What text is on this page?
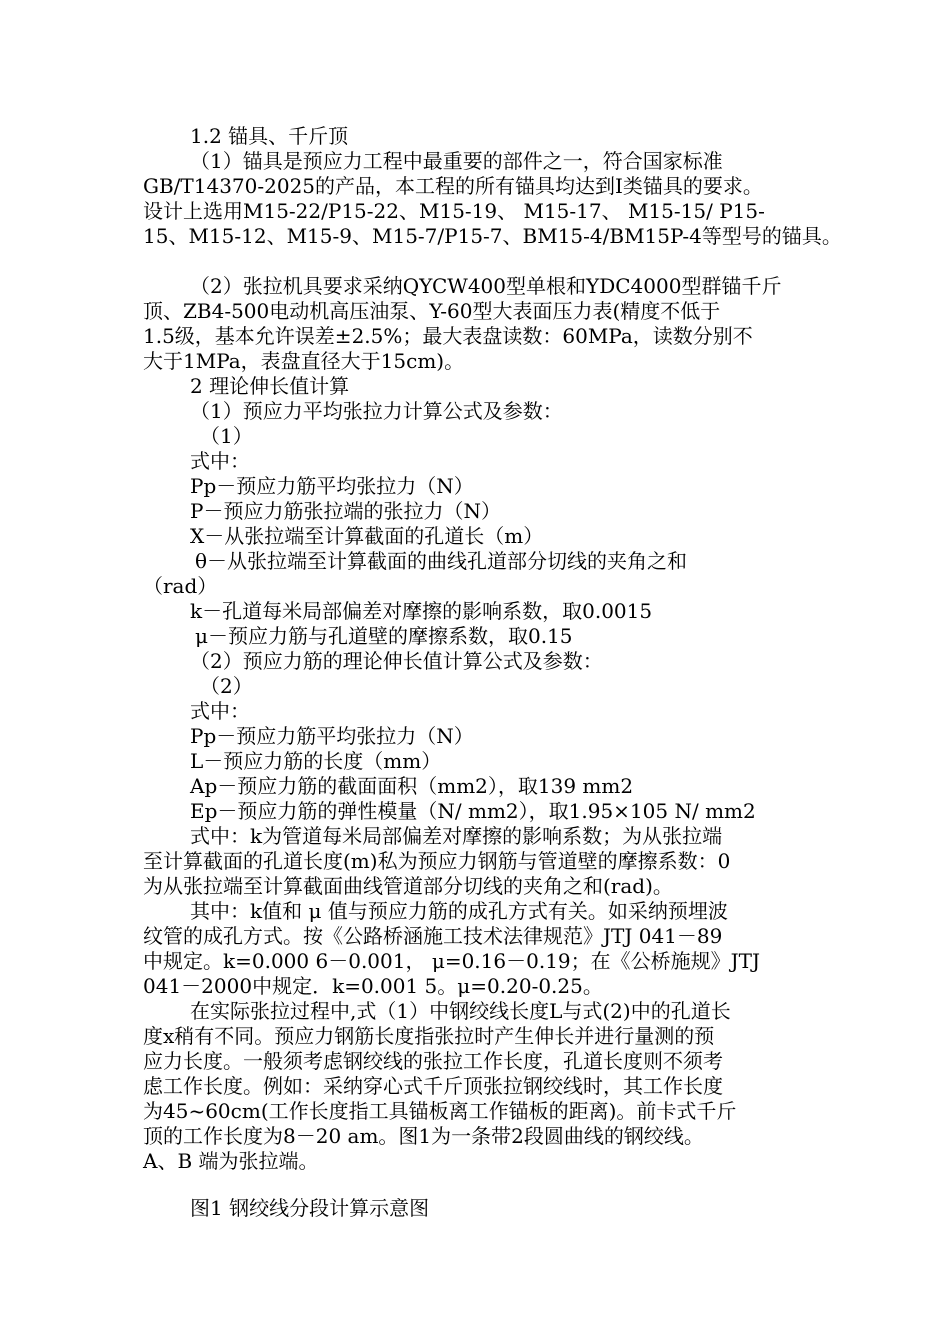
1.2 锚具、千斤顶
（1）锚具是预应力工程中最重要的部件之一，符合国家标准
GB/T14370-2025的产品，本工程的所有锚具均达到Ⅰ类锚具的要求。
设计上选用M15-22/P15-22、M15-19、 M15-17、 M15-15/ P15-
15、M15-12、M15-9、M15-7/P15-7、BM15-4/BM15P-4等型号的锚具。
（2）张拉机具要求采纳QYCW400型单根和YDC4000型群锚千斤
顶、ZB4-500电动机高压油泵、Y-60型大表面压力表(精度不低于
1.5级，基本允许误差±2.5%；最大表盘读数：60MPa，读数分别不
大于1MPa，表盘直径大于15cm)。
2 理论伸长值计算
（1）预应力平均张拉力计算公式及参数：
（1）
式中：
Pp－预应力筋平均张拉力（N）
P－预应力筋张拉端的张拉力（N）
X－从张拉端至计算截面的孔道长（m）
θ－从张拉端至计算截面的曲线孔道部分切线的夹角之和
（rad）
k－孔道每米局部偏差对摩擦的影响系数，取0.0015
μ－预应力筋与孔道壁的摩擦系数，取0.15
（2）预应力筋的理论伸长值计算公式及参数：
（2）
式中：
Pp－预应力筋平均张拉力（N）
L－预应力筋的长度（mm）
Ap－预应力筋的截面面积（mm2），取139 mm2
Ep－预应力筋的弹性模量（N/ mm2），取1.95×105 N/ mm2
式中：k为管道每米局部偏差对摩擦的影响系数；为从张拉端
至计算截面的孔道长度(m)私为预应力钢筋与管道壁的摩擦系数：0
为从张拉端至计算截面曲线管道部分切线的夹角之和(rad)。
其中：k值和 μ 值与预应力筋的成孔方式有关。如采纳预埋波
纹管的成孔方式。按《公路桥涵施工技术法律规范》JTJ 041－89
中规定。k=0.000 6－0.001， μ=0.16－0.19；在《公桥施规》JTJ
041－2000中规定．k=0.001 5。μ=0.20-0.25。
在实际张拉过程中,式（1）中钢绞线长度L与式(2)中的孔道长
度x稍有不同。预应力钢筋长度指张拉时产生伸长并进行量测的预
应力长度。一般须考虑钢绞线的张拉工作长度，孔道长度则不须考
虑工作长度。例如：采纳穿心式千斤顶张拉钢绞线时，其工作长度
为45~60cm(工作长度指工具锚板离工作锚板的距离)。前卡式千斤
顶的工作长度为8－20 am。图1为一条带2段圆曲线的钢绞线。
A、B 端为张拉端。
图1 钢绞线分段计算示意图
